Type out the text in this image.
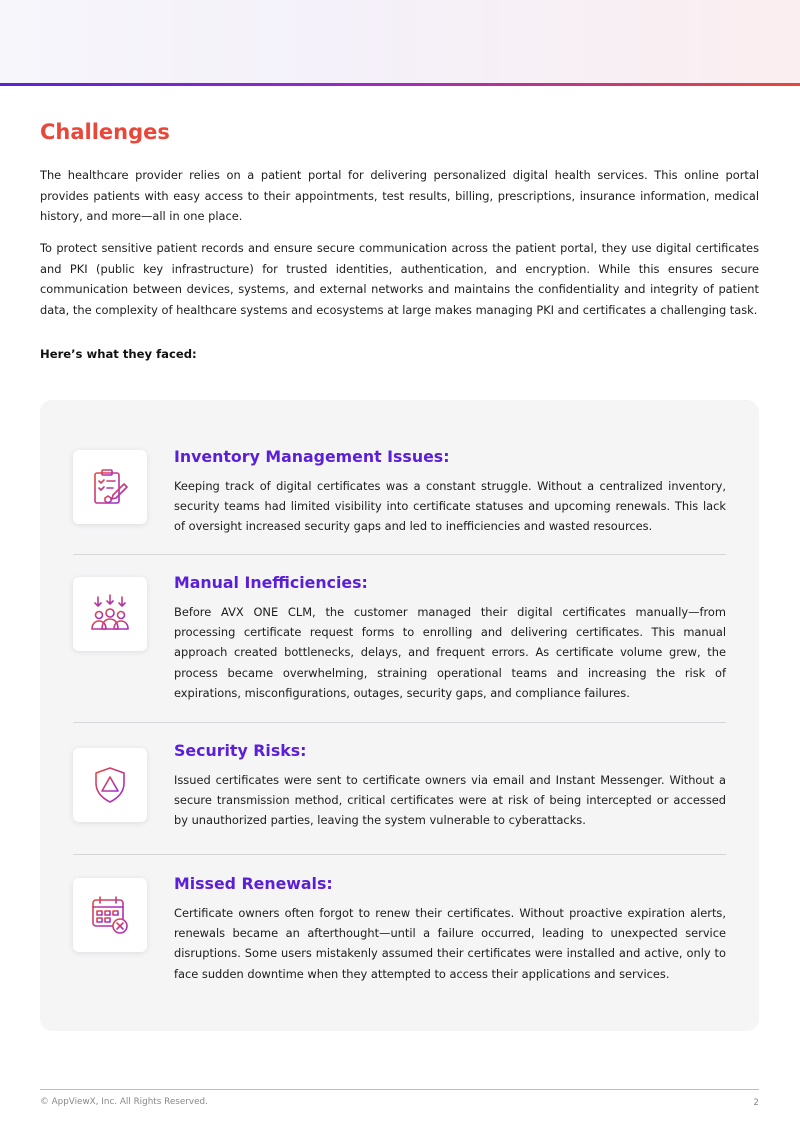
Challenges

The healthcare provider relies on a patient portal for delivering personalized digital health services. This online portal provides patients with easy access to their appointments, test results, billing, prescriptions, insurance information, medical history, and more—all in one place.

To protect sensitive patient records and ensure secure communication across the patient portal, they use digital certificates and PKI (public key infrastructure) for trusted identities, authentication, and encryption. While this ensures secure communication between devices, systems, and external networks and maintains the confidentiality and integrity of patient data, the complexity of healthcare systems and ecosystems at large makes managing PKI and certificates a challenging task.

Here’s what they faced:

Inventory Management Issues:

Keeping track of digital certificates was a constant struggle. Without a centralized inventory, security teams had limited visibility into certificate statuses and upcoming renewals. This lack of oversight increased security gaps and led to inefficiencies and wasted resources.

Manual Inefficiencies:

Before AVX ONE CLM, the customer managed their digital certificates manually—from processing certificate request forms to enrolling and delivering certificates. This manual approach created bottlenecks, delays, and frequent errors. As certificate volume grew, the process became overwhelming, straining operational teams and increasing the risk of expirations, misconfigurations, outages, security gaps, and compliance failures.

Security Risks:

Issued certificates were sent to certificate owners via email and Instant Messenger. Without a secure transmission method, critical certificates were at risk of being intercepted or accessed by unauthorized parties, leaving the system vulnerable to cyberattacks.

Missed Renewals:

Certificate owners often forgot to renew their certificates. Without proactive expiration alerts, renewals became an afterthought—until a failure occurred, leading to unexpected service disruptions. Some users mistakenly assumed their certificates were installed and active, only to face sudden downtime when they attempted to access their applications and services.

© AppViewX, Inc. All Rights Reserved.	2
